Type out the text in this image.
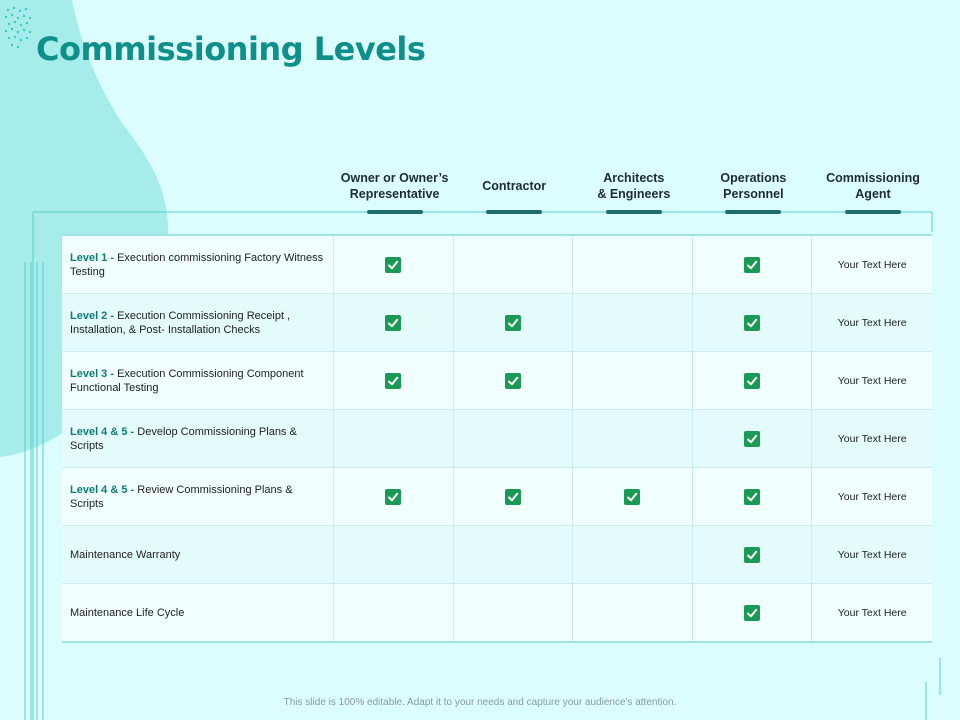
Commissioning Levels
Owner or Owner’s
Representative
Contractor
Architects
& Engineers
Operations
Personnel
Commissioning
Agent
Level 1 - Execution commissioning Factory Witness Testing
Your Text Here
Level 2 - Execution Commissioning Receipt , Installation, & Post- Installation Checks
Your Text Here
Level 3 - Execution Commissioning Component Functional Testing
Your Text Here
Level 4 & 5 - Develop Commissioning Plans & Scripts
Your Text Here
Level 4 & 5 - Review Commissioning Plans & Scripts
Your Text Here
Maintenance Warranty	Your Text Here
Maintenance Life Cycle	Your Text Here
This slide is 100% editable. Adapt it to your needs and capture your audience's attention.
